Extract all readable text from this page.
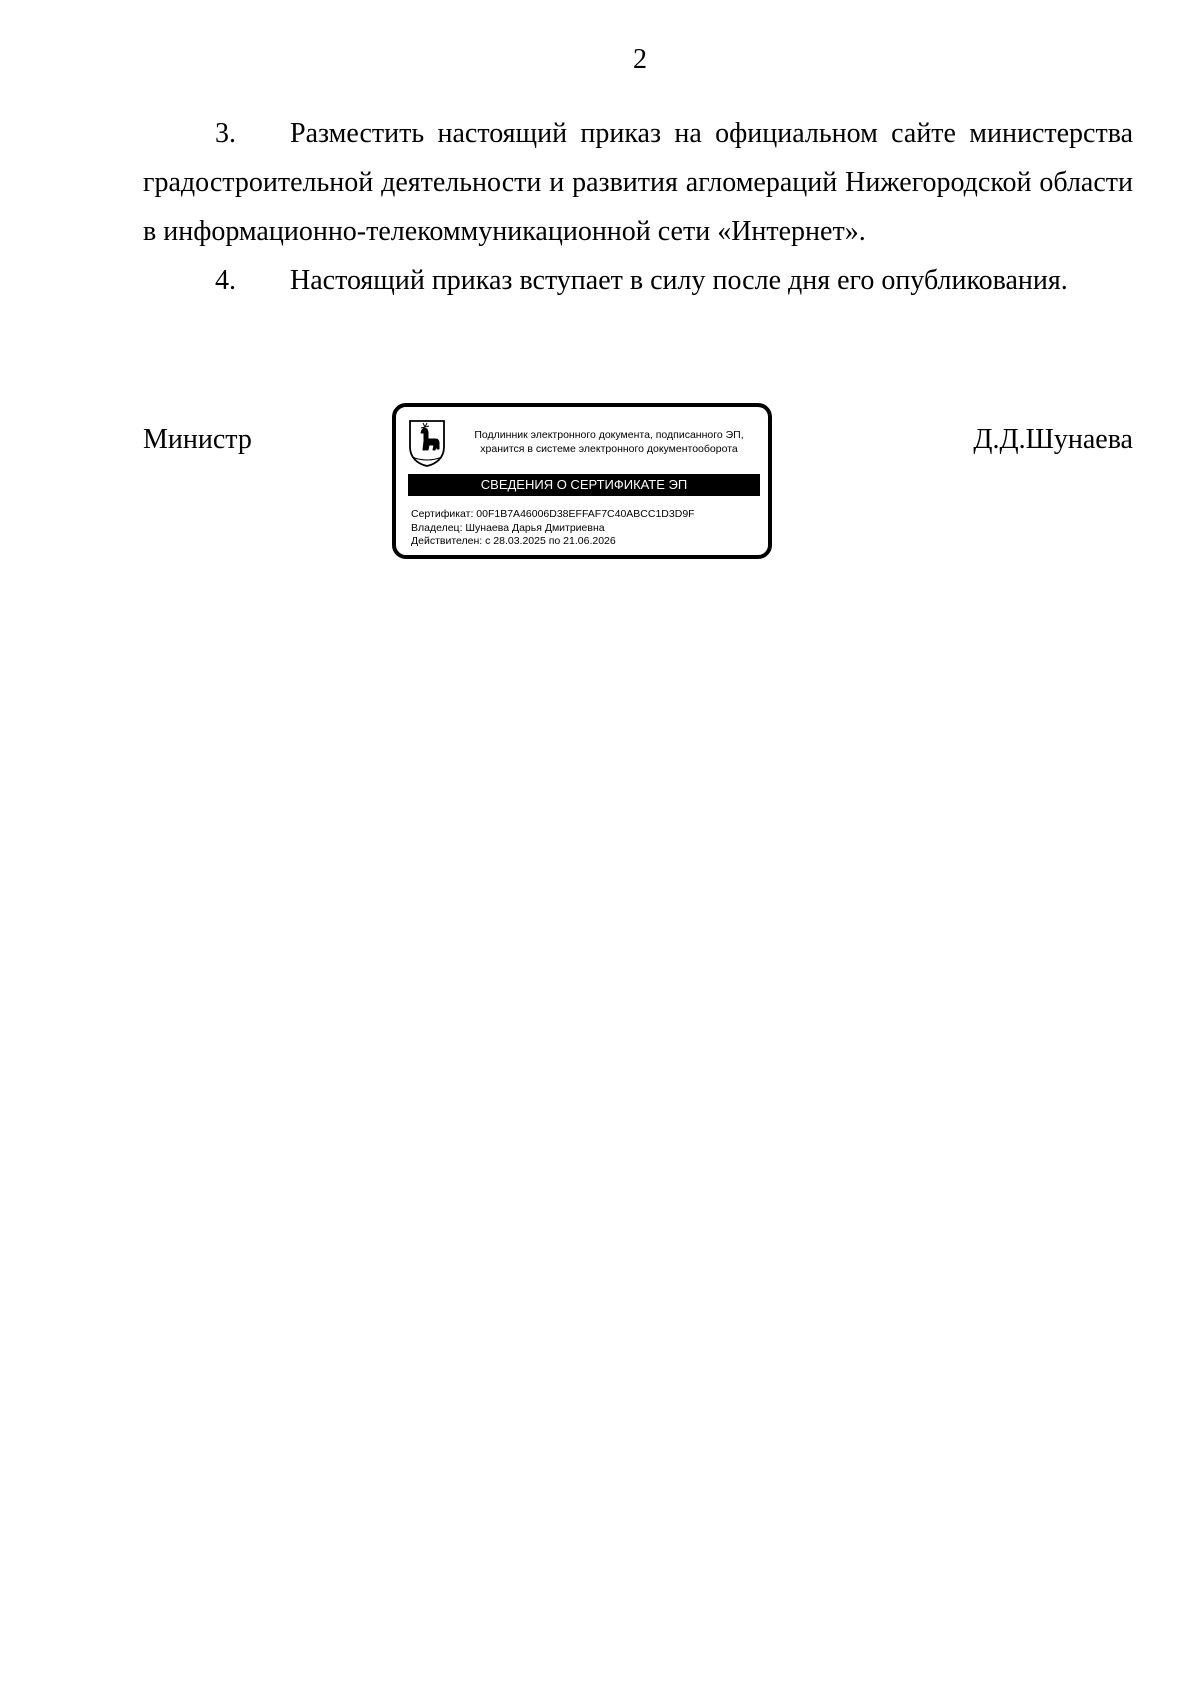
2

3. Разместить настоящий приказ на официальном сайте министерства градостроительной деятельности и развития агломераций Нижегородской области в информационно-телекоммуникационной сети «Интернет».

4. Настоящий приказ вступает в силу после дня его опубликования.

Министр	Д.Д.Шунаева
Подлинник электронного документа, подписанного ЭП,
хранится в системе электронного документооборота
СВЕДЕНИЯ О СЕРТИФИКАТЕ ЭП
Сертификат: 00F1B7A46006D38EFFAF7C40ABCC1D3D9F
Владелец: Шунаева Дарья Дмитриевна
Действителен: с 28.03.2025 по 21.06.2026
